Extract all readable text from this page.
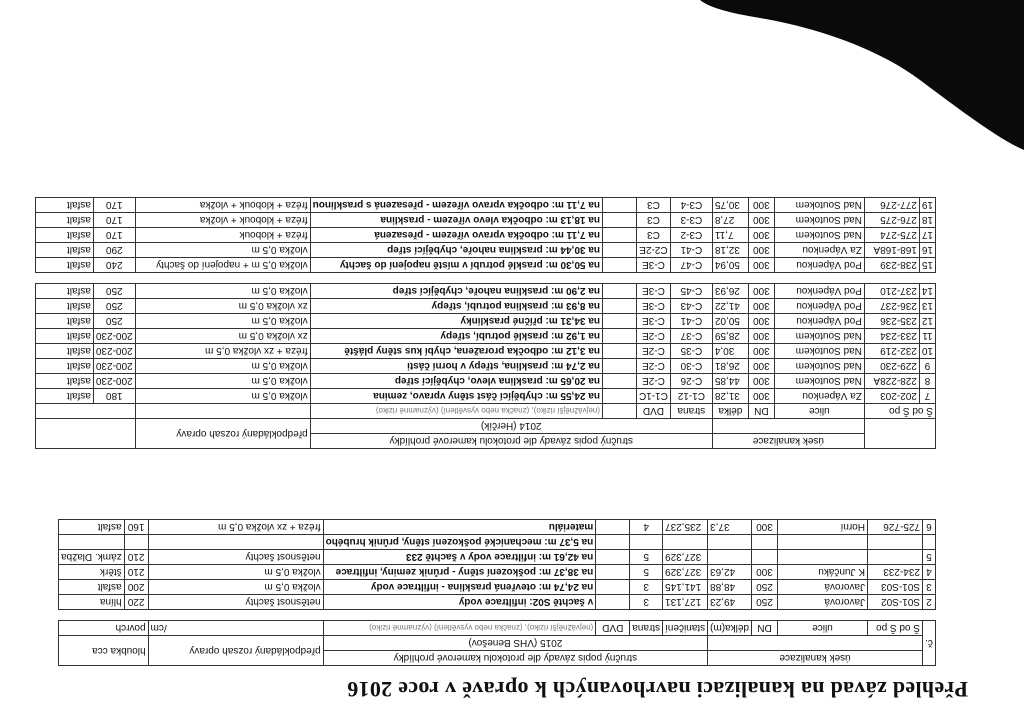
Přehled závad na kanalizaci navrhovaných k opravě v roce 2016
č.	úsek kanalizace				stručný popis závady dle protokolu kamerové prohlídky				předpokládaný rozsah opravy	hloubka cca	
					2015 (VHS Benešov)						
	Š od Š po	ulice	DN	délka(m)	staničení	strana	DVD	(nejvážnější riziko), (značka nebo vysvětlení) (významné riziko)	/cm	povrch	

2	S01-S02	Javorová	250	49,23	127,131	3		v šachtě S02: infiltrace vody	netěsnost šachty	220	hlína
3	S01-S03	Javorová	250	48,88	141,145	3		na 24,74 m: otevřená prasklina - infiltrace vody	vložka 0,5 m	200	asfalt
4	234-233	K Junčáku	300	42,63	327,329	5		na 38,37 m: poškození stěny - průnik zeminy, infiltrace	vložka 0,5 m	210	štěrk
5					327,329	5		na 42,61 m: infiltrace vody v šachtě 233	netěsnost šachty	210	zámk. Dlažba
								na 5,37 m: mechanické poškození stěny, průnik hrubého			
6	725-726	Horní	300	37,3	235,237	4		materiálu	fréza + zx vložka 0,5 m	160	asfalt
		úsek kanalizace			stručný popis závady dle protokolu kamerové prohlídky				předpokládaný rozsah opravy		
					2014 (Herčík)						
Š od Š po		ulice	DN	délka	strana	DVD		(nejvážnější riziko), (značka nebo vysvětlení) (významné riziko)			
7	202-203	Za Vápenkou	300	31,28	C1-12	C1-1C		na 24,55 m: chybějící část stěny vpravo, zemina	vložka 0,5 m	180	asfalt
8	228-228A	Nad Soutokem	300	44,85	C-26	C-2E		na 20,65 m: prasklina vlevo, chybějící střep	vložka 0,5 m	200-230	asfalt
9	229-230	Nad Soutokem	300	26,81	C-30	C-2E		na 2,74 m: prasklina, střepy v horní části	vložka 0,5 m	200-230	asfalt
10	232-219	Nad Soutokem	300	30,4	C-35	C-2E		na 3,12 m: odbočka proražena, chybí kus stěny pláště	fréza + zx vložka 0,5 m	200-230	asfalt
11	233-234	Nad Soutokem	300	28,59	C-37	C-2E		na 1,92 m: prasklé potrubí, střepy	zx vložka 0,5 m	200-230	asfalt
12	235-236	Pod Vápenkou	300	50,02	C-41	C-3E		na 34,31 m: příčné prasklinky	vložka 0,5 m	250	asfalt
13	236-237	Pod Vápenkou	300	41,22	C-43	C-3E		na 8,93 m: prasklina potrubí, střepy	zx vložka 0,5 m	250	asfalt
14	237-210	Pod Vápenkou	300	26,93	C-45	C-3E		na 2,90 m: prasklina nahoře, chybějící střep	vložka 0,5 m	250	asfalt

15	238-239	Pod Vápenkou	300	50,94	C-47	C-3E		na 50,30 m: prasklé potrubí v místě napojení do šachty	vložka 0,5 m + napojení do šachty	240	asfalt
16	168-168A	Za Vápenkou	300	32,18	C-41	C2-2E		na 30,44 m: prasklina nahoře, chybějící střep	vložka 0,5 m	290	asfalt
17	275-274	Nad Soutokem	300	7,11	C3-2	C3		na 7,11 m: odbočka vpravo vířezem - přesazená	fréza + klobouk	170	asfalt
18	276-275	Nad Soutokem	300	27,8	C3-3	C3		na 18,13 m: odbočka vlevo vířezem - prasklina	fréza + klobouk + vložka	170	asfalt
19	277-276	Nad Soutokem	300	30,75	C3-4	C3		na 7,11 m: odbočka vpravo vířezem - přesazená s prasklinou	fréza + klobouk + vložka	170	asfalt
